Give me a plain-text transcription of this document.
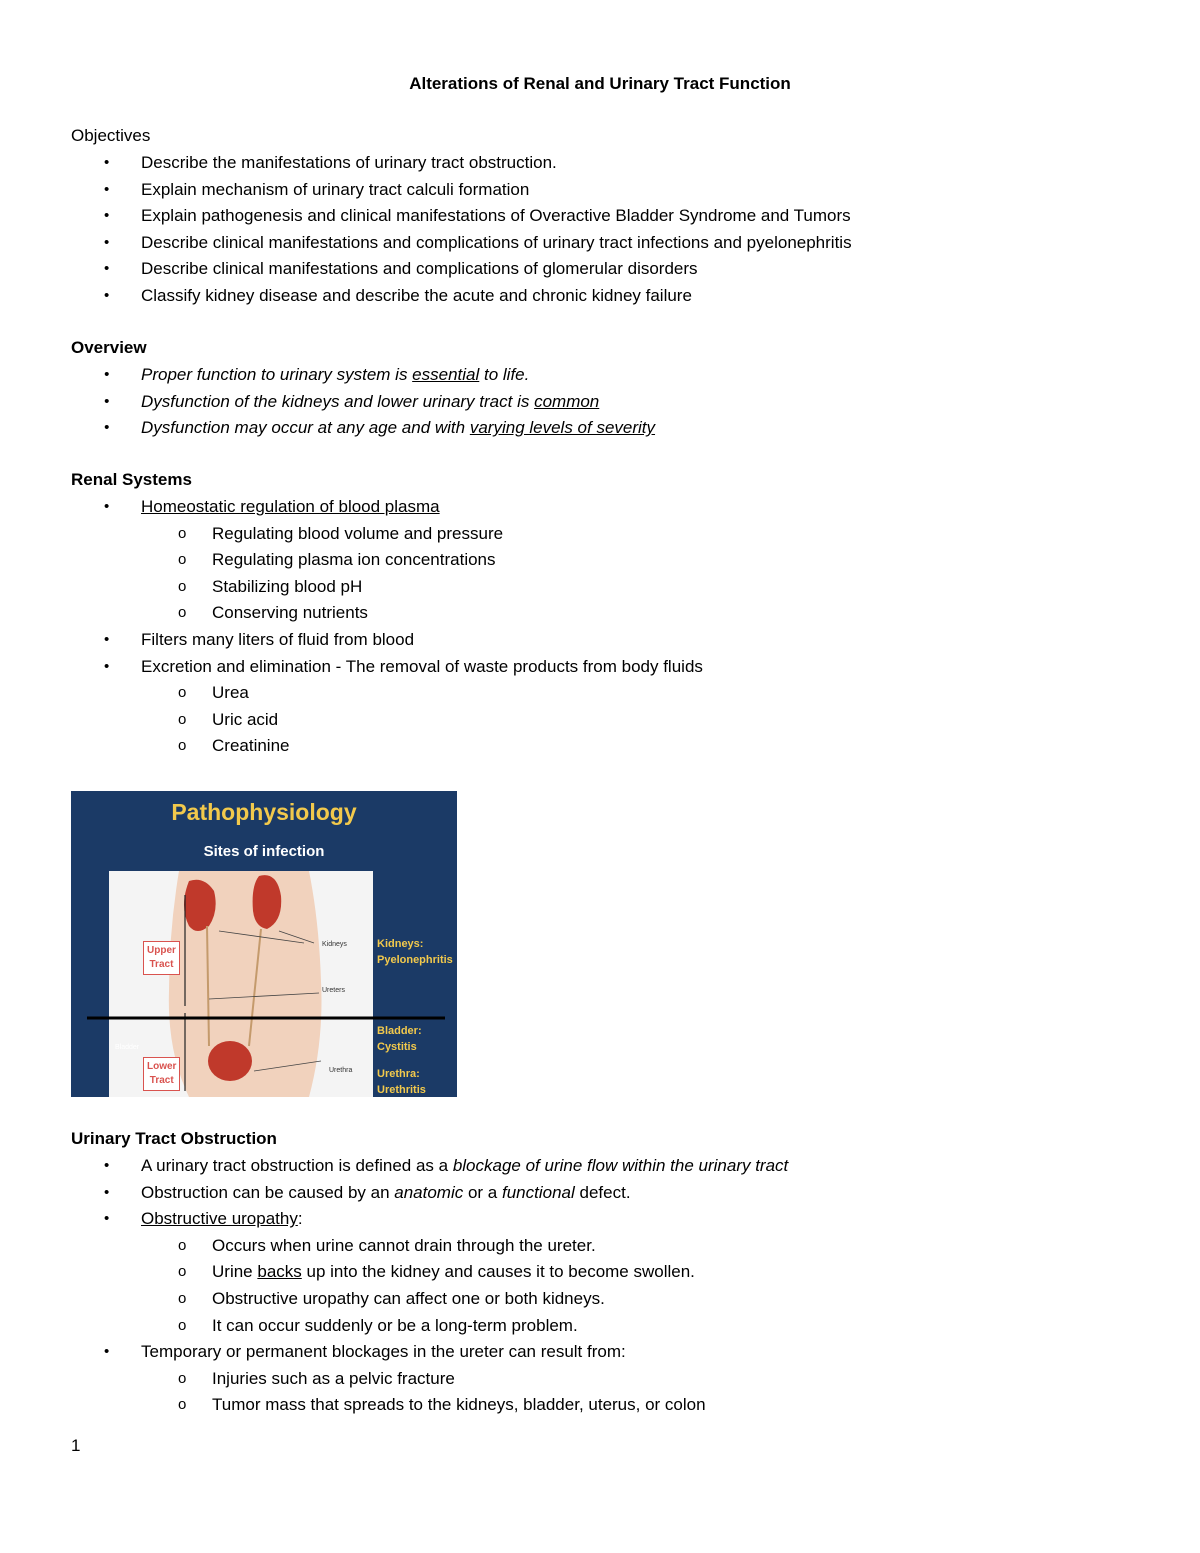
Alterations of Renal and Urinary Tract Function
Objectives
• Describe the manifestations of urinary tract obstruction.
• Explain mechanism of urinary tract calculi formation
• Explain pathogenesis and clinical manifestations of Overactive Bladder Syndrome and Tumors
• Describe clinical manifestations and complications of urinary tract infections and pyelonephritis
• Describe clinical manifestations and complications of glomerular disorders
• Classify kidney disease and describe the acute and chronic kidney failure
Overview
• Proper function to urinary system is essential to life.
• Dysfunction of the kidneys and lower urinary tract is common
• Dysfunction may occur at any age and with varying levels of severity
Renal Systems
• Homeostatic regulation of blood plasma
o Regulating blood volume and pressure
o Regulating plasma ion concentrations
o Stabilizing blood pH
o Conserving nutrients
• Filters many liters of fluid from blood
• Excretion and elimination - The removal of waste products from body fluids
o Urea
o Uric acid
o Creatinine
Pathophysiology
Sites of infection
Upper
Tract
Lower
Tract
Kidneys
Ureters
Bladder
Urethra
Kidneys:
Pyelonephritis
Bladder:
Cystitis
Urethra:
Urethritis
Urinary Tract Obstruction
• A urinary tract obstruction is defined as a blockage of urine flow within the urinary tract
• Obstruction can be caused by an anatomic or a functional defect.
• Obstructive uropathy:
o Occurs when urine cannot drain through the ureter.
o Urine backs up into the kidney and causes it to become swollen.
o Obstructive uropathy can affect one or both kidneys.
o It can occur suddenly or be a long-term problem.
• Temporary or permanent blockages in the ureter can result from:
o Injuries such as a pelvic fracture
o Tumor mass that spreads to the kidneys, bladder, uterus, or colon
1
